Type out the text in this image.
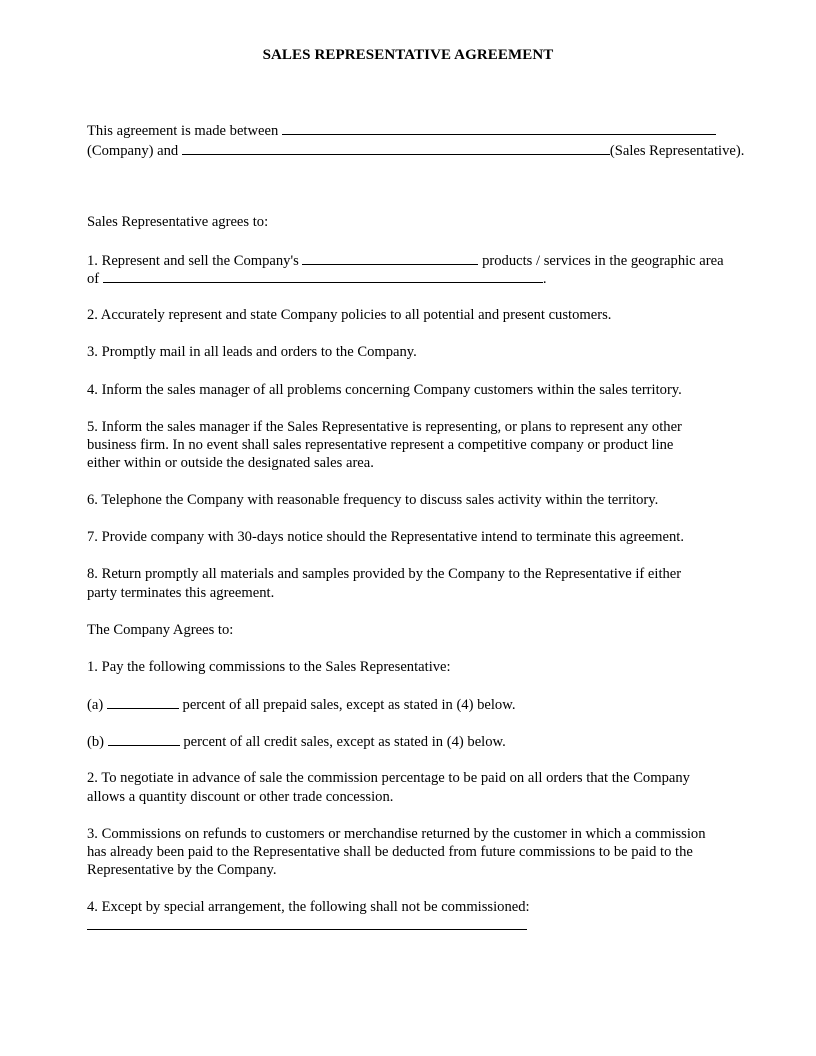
SALES REPRESENTATIVE AGREEMENT
This agreement is made between
(Company) and	(Sales Representative).
Sales Representative agrees to:
1. Represent and sell the Company's	products / services in the geographic area
of	.
2. Accurately represent and state Company policies to all potential and present customers.
3. Promptly mail in all leads and orders to the Company.
4. Inform the sales manager of all problems concerning Company customers within the sales territory.
5. Inform the sales manager if the Sales Representative is representing, or plans to represent any other
business firm. In no event shall sales representative represent a competitive company or product line
either within or outside the designated sales area.
6. Telephone the Company with reasonable frequency to discuss sales activity within the territory.
7. Provide company with 30-days notice should the Representative intend to terminate this agreement.
8. Return promptly all materials and samples provided by the Company to the Representative if either
party terminates this agreement.
The Company Agrees to:
1. Pay the following commissions to the Sales Representative:
(a)	percent of all prepaid sales, except as stated in (4) below.
(b)	percent of all credit sales, except as stated in (4) below.
2. To negotiate in advance of sale the commission percentage to be paid on all orders that the Company
allows a quantity discount or other trade concession.
3. Commissions on refunds to customers or merchandise returned by the customer in which a commission
has already been paid to the Representative shall be deducted from future commissions to be paid to the
Representative by the Company.
4. Except by special arrangement, the following shall not be commissioned:
